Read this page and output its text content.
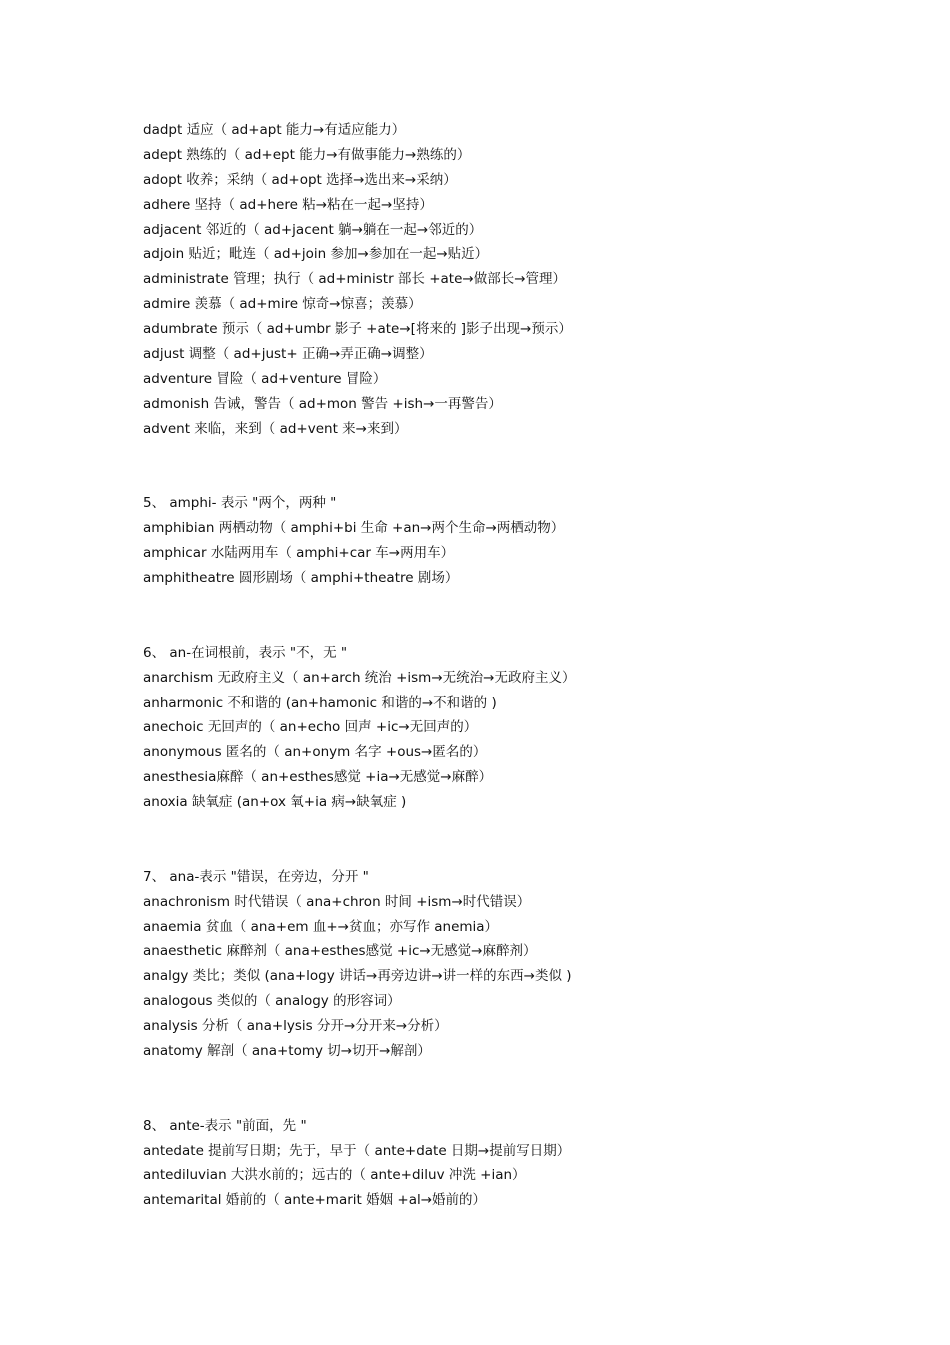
dadpt 适应（ ad+apt 能力→有适应能力）
adept 熟练的（ ad+ept 能力→有做事能力→熟练的）
adopt 收养；采纳（ ad+opt 选择→选出来→采纳）
adhere 坚持（ ad+here 粘→粘在一起→坚持）
adjacent 邻近的（ ad+jacent 躺→躺在一起→邻近的）
adjoin 贴近；毗连（ ad+join 参加→参加在一起→贴近）
administrate 管理；执行（ ad+ministr 部长 +ate→做部长→管理）
admire 羡慕（ ad+mire 惊奇→惊喜；羡慕）
adumbrate 预示（ ad+umbr 影子 +ate→[将来的 ]影子出现→预示）
adjust 调整（ ad+just+ 正确→弄正确→调整）
adventure 冒险（ ad+venture 冒险）
admonish 告诫，警告（ ad+mon 警告 +ish→一再警告）
advent 来临，来到（ ad+vent 来→来到）
5、 amphi- 表示 "两个，两种 "
amphibian 两栖动物（ amphi+bi 生命 +an→两个生命→两栖动物）
amphicar 水陆两用车（ amphi+car 车→两用车）
amphitheatre 圆形剧场（ amphi+theatre 剧场）
6、 an-在词根前，表示 "不，无 "
anarchism 无政府主义（ an+arch 统治 +ism→无统治→无政府主义）
anharmonic 不和谐的 (an+hamonic 和谐的→不和谐的 )
anechoic 无回声的（ an+echo 回声 +ic→无回声的）
anonymous 匿名的（ an+onym 名字 +ous→匿名的）
anesthesia麻醉（ an+esthes感觉 +ia→无感觉→麻醉）
anoxia 缺氧症 (an+ox 氧+ia 病→缺氧症 )
7、 ana-表示 "错误，在旁边，分开 "
anachronism 时代错误（ ana+chron 时间 +ism→时代错误）
anaemia 贫血（ ana+em 血+→贫血；亦写作 anemia）
anaesthetic 麻醉剂（ ana+esthes感觉 +ic→无感觉→麻醉剂）
analgy 类比；类似 (ana+logy 讲话→再旁边讲→讲一样的东西→类似 )
analogous 类似的（ analogy 的形容词）
analysis 分析（ ana+lysis 分开→分开来→分析）
anatomy 解剖（ ana+tomy 切→切开→解剖）
8、 ante-表示 "前面，先 "
antedate 提前写日期；先于，早于（ ante+date 日期→提前写日期）
antediluvian 大洪水前的；远古的（ ante+diluv 冲洗 +ian）
antemarital 婚前的（ ante+marit 婚姻 +al→婚前的）
